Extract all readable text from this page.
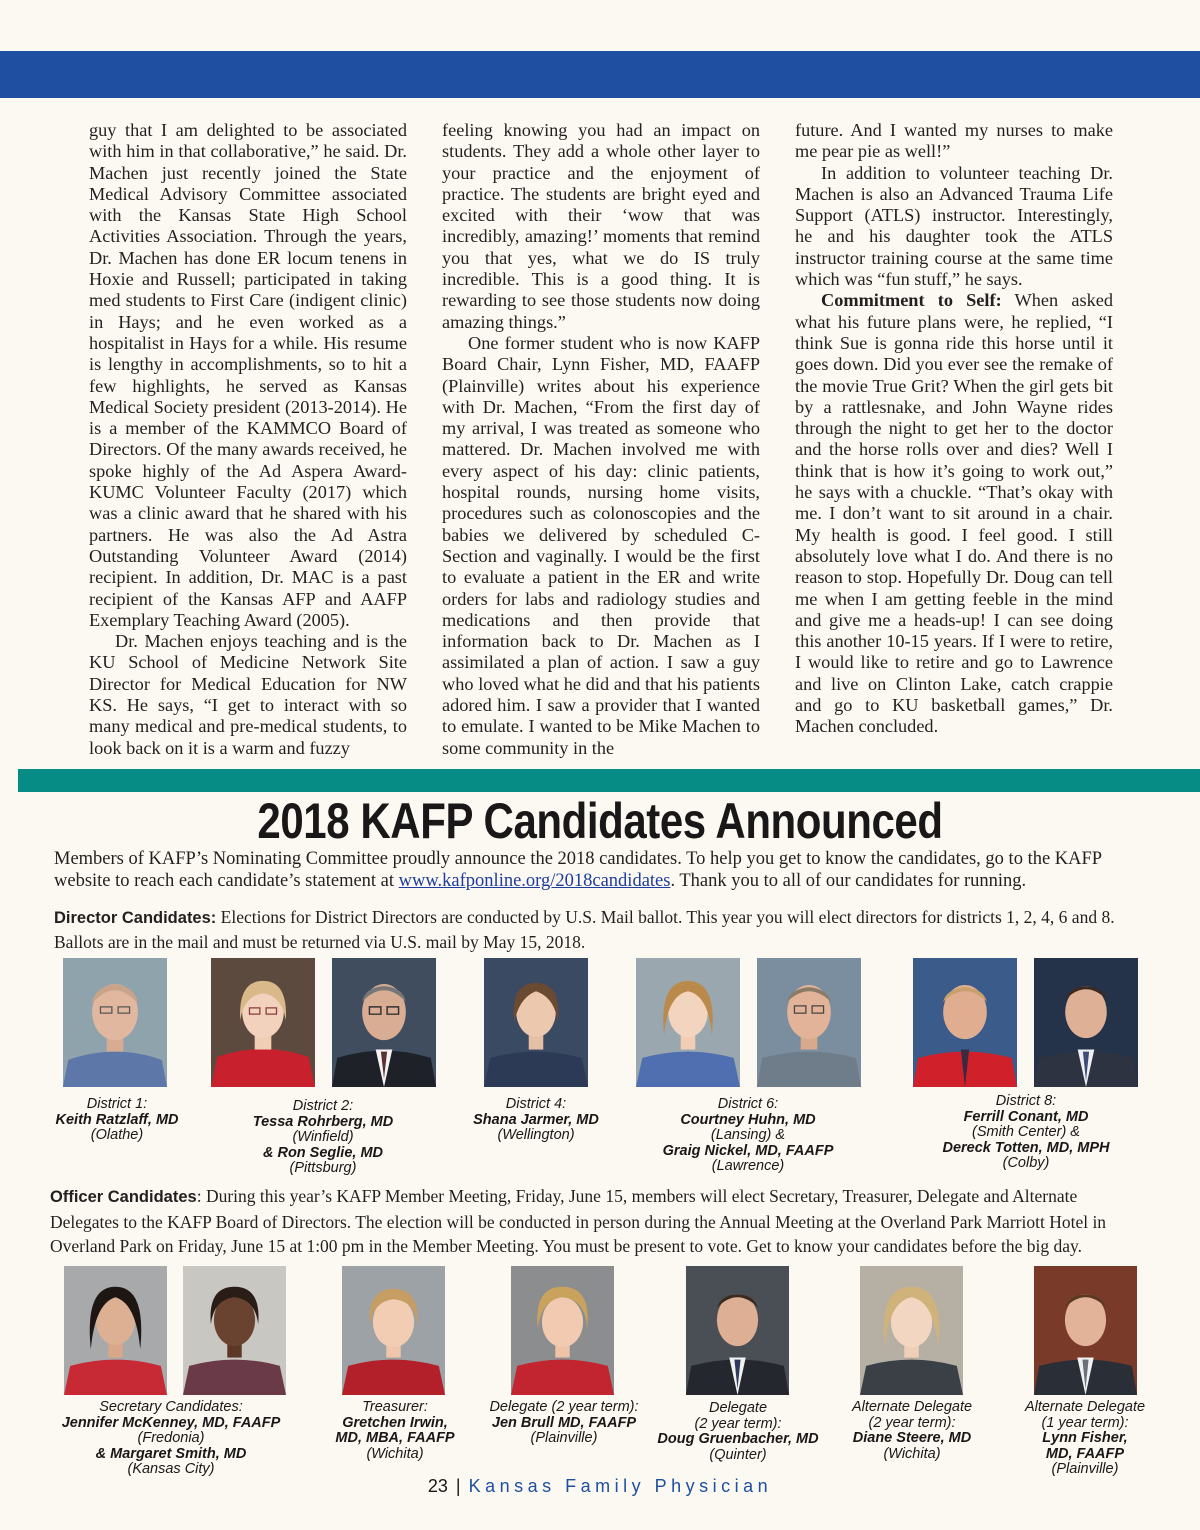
guy that I am delighted to be associated with him in that collaborative,” he said. Dr. Machen just recently joined the State Medical Advisory Committee associated with the Kansas State High School Activities Association. Through the years, Dr. Machen has done ER locum tenens in Hoxie and Russell; participated in taking med students to First Care (indigent clinic) in Hays; and he even worked as a hospitalist in Hays for a while. His resume is lengthy in accomplishments, so to hit a few highlights, he served as Kansas Medical Society president (2013-2014). He is a member of the KAMMCO Board of Directors. Of the many awards received, he spoke highly of the Ad Aspera Award-KUMC Volunteer Faculty (2017) which was a clinic award that he shared with his partners. He was also the Ad Astra Outstanding Volunteer Award (2014) recipient. In addition, Dr. MAC is a past recipient of the Kansas AFP and AAFP Exemplary Teaching Award (2005).

Dr. Machen enjoys teaching and is the KU School of Medicine Network Site Director for Medical Education for NW KS. He says, “I get to interact with so many medical and pre-medical students, to look back on it is a warm and fuzzy

feeling knowing you had an impact on students. They add a whole other layer to your practice and the enjoyment of practice. The students are bright eyed and excited with their ‘wow that was incredibly, amazing!’ moments that remind you that yes, what we do IS truly incredible. This is a good thing. It is rewarding to see those students now doing amazing things.”

One former student who is now KAFP Board Chair, Lynn Fisher, MD, FAAFP (Plainville) writes about his experience with Dr. Machen, “From the first day of my arrival, I was treated as someone who mattered. Dr. Machen involved me with every aspect of his day: clinic patients, hospital rounds, nursing home visits, procedures such as colonoscopies and the babies we delivered by scheduled C-Section and vaginally. I would be the first to evaluate a patient in the ER and write orders for labs and radiology studies and medications and then provide that information back to Dr. Machen as I assimilated a plan of action. I saw a guy who loved what he did and that his patients adored him. I saw a provider that I wanted to emulate. I wanted to be Mike Machen to some community in the

future. And I wanted my nurses to make me pear pie as well!”

In addition to volunteer teaching Dr. Machen is also an Advanced Trauma Life Support (ATLS) instructor. Interestingly, he and his daughter took the ATLS instructor training course at the same time which was “fun stuff,” he says.

Commitment to Self: When asked what his future plans were, he replied, “I think Sue is gonna ride this horse until it goes down. Did you ever see the remake of the movie True Grit? When the girl gets bit by a rattlesnake, and John Wayne rides through the night to get her to the doctor and the horse rolls over and dies? Well I think that is how it’s going to work out,” he says with a chuckle. “That’s okay with me. I don’t want to sit around in a chair. My health is good. I feel good. I still absolutely love what I do. And there is no reason to stop. Hopefully Dr. Doug can tell me when I am getting feeble in the mind and give me a heads-up! I can see doing this another 10-15 years. If I were to retire, I would like to retire and go to Lawrence and live on Clinton Lake, catch crappie and go to KU basketball games,” Dr. Machen concluded.

2018 KAFP Candidates Announced
Members of KAFP’s Nominating Committee proudly announce the 2018 candidates. To help you get to know the candidates, go to the KAFP website to reach each candidate’s statement at www.kafponline.org/2018candidates. Thank you to all of our candidates for running.
Director Candidates: Elections for District Directors are conducted by U.S. Mail ballot. This year you will elect directors for districts 1, 2, 4, 6 and 8. Ballots are in the mail and must be returned via U.S. mail by May 15, 2018.
District 1:
Keith Ratzlaff, MD
(Olathe)
District 2:
Tessa Rohrberg, MD
(Winfield)
& Ron Seglie, MD
(Pittsburg)
District 4:
Shana Jarmer, MD
(Wellington)
District 6:
Courtney Huhn, MD
(Lansing) &
Graig Nickel, MD, FAAFP
(Lawrence)
District 8:
Ferrill Conant, MD
(Smith Center) &
Dereck Totten, MD, MPH
(Colby)
Officer Candidates: During this year’s KAFP Member Meeting, Friday, June 15, members will elect Secretary, Treasurer, Delegate and Alternate Delegates to the KAFP Board of Directors. The election will be conducted in person during the Annual Meeting at the Overland Park Marriott Hotel in Overland Park on Friday, June 15 at 1:00 pm in the Member Meeting. You must be present to vote. Get to know your candidates before the big day.
Secretary Candidates:
Jennifer McKenney, MD, FAAFP
(Fredonia)
& Margaret Smith, MD
(Kansas City)
Treasurer:
Gretchen Irwin,
MD, MBA, FAAFP
(Wichita)
Delegate (2 year term):
Jen Brull MD, FAAFP
(Plainville)
Delegate
(2 year term):
Doug Gruenbacher, MD
(Quinter)
Alternate Delegate
(2 year term):
Diane Steere, MD
(Wichita)
Alternate Delegate
(1 year term):
Lynn Fisher,
MD, FAAFP
(Plainville)
23 | Kansas Family Physician
